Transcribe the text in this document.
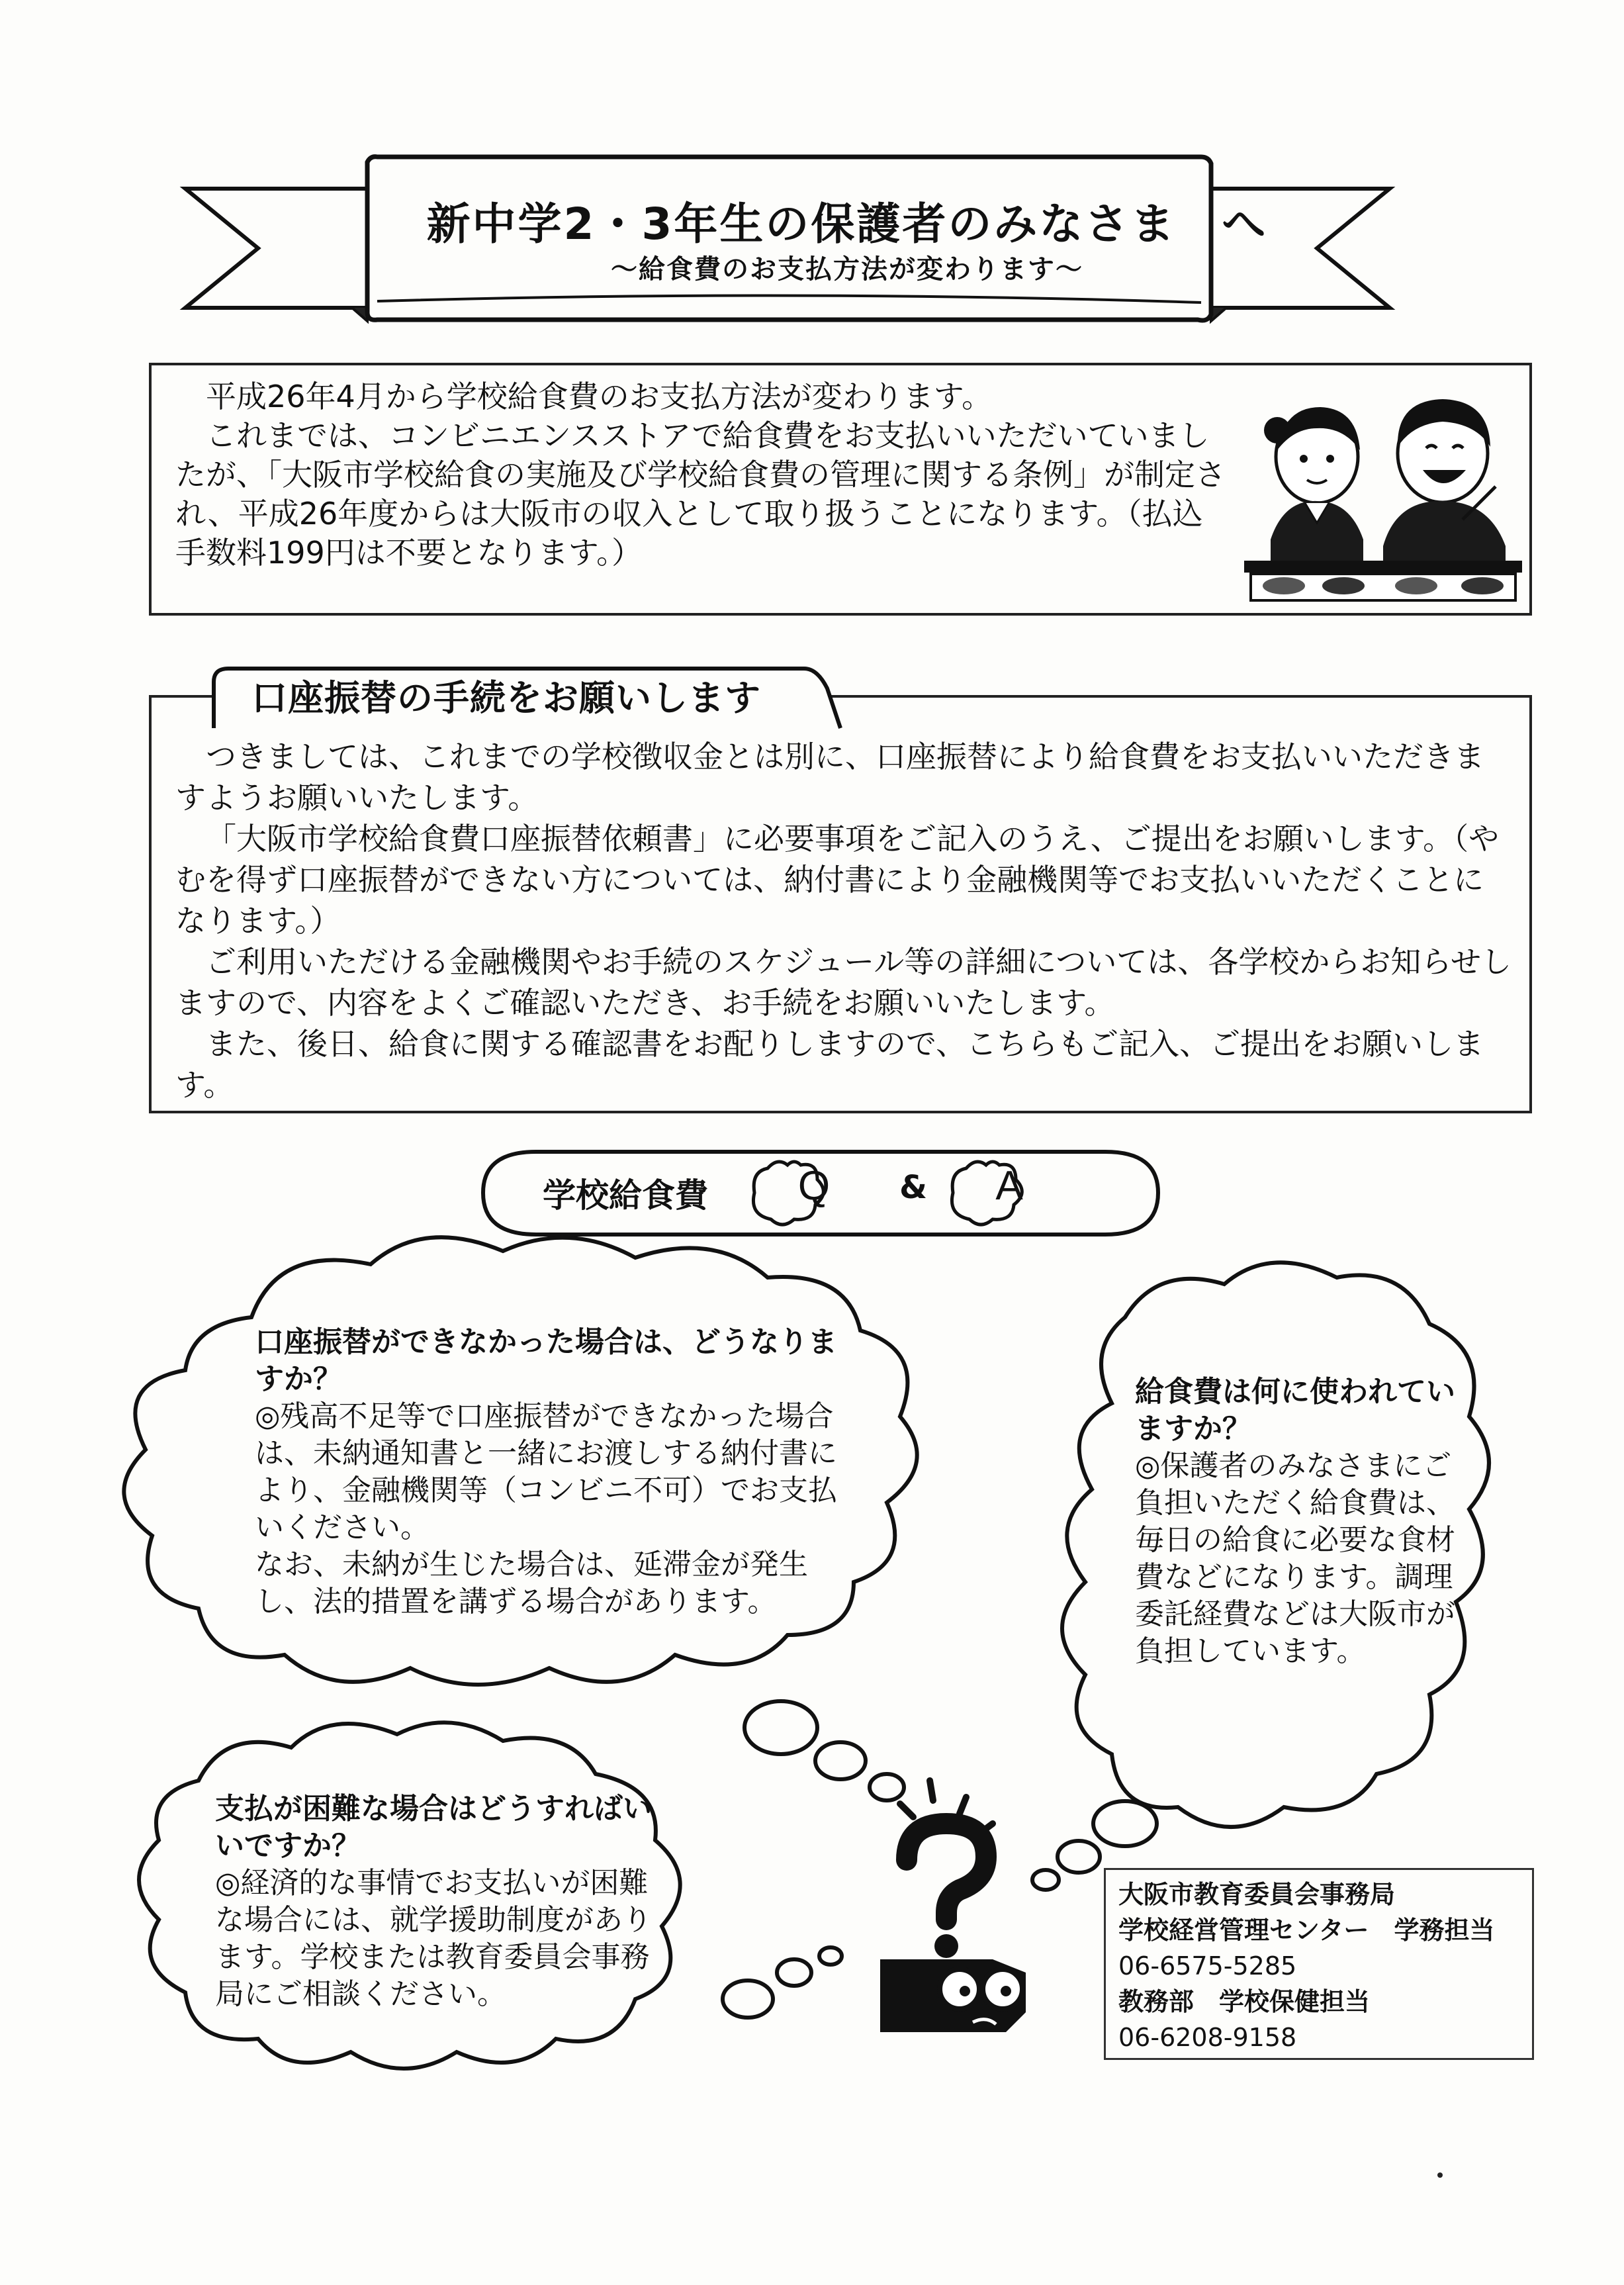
新中学2・3年生の保護者のみなさま　へ
～給食費のお支払方法が変わります～

平成26年4月から学校給食費のお支払方法が変わります。

これまでは、コンビニエンスストアで給食費をお支払いいただいていましたが、「大阪市学校給食の実施及び学校給食費の管理に関する条例」が制定され、平成26年度からは大阪市の収入として取り扱うことになります。（払込手数料199円は不要となります。）

口座振替の手続をお願いします

つきましては、これまでの学校徴収金とは別に、口座振替により給食費をお支払いいただきますようお願いいたします。

「大阪市学校給食費口座振替依頼書」に必要事項をご記入のうえ、ご提出をお願いします。（やむを得ず口座振替ができない方については、納付書により金融機関等でお支払いいただくことになります。）

ご利用いただける金融機関やお手続のスケジュール等の詳細については、各学校からお知らせしますので、内容をよくご確認いただき、お手続をお願いいたします。

また、後日、給食に関する確認書をお配りしますので、こちらもご記入、ご提出をお願いします。

学校給食費	Q	&	A

口座振替ができなかった場合は、どうなりますか？

◎残高不足等で口座振替ができなかった場合は、未納通知書と一緒にお渡しする納付書により、金融機関等（コンビニ不可）でお支払いください。

なお、未納が生じた場合は、延滞金が発生し、法的措置を講ずる場合があります。

給食費は何に使われていますか？

◎保護者のみなさまにご負担いただく給食費は、毎日の給食に必要な食材費などになります。調理委託経費などは大阪市が負担しています。

支払が困難な場合はどうすればいいですか？

◎経済的な事情でお支払いが困難な場合には、就学援助制度があります。学校または教育委員会事務局にご相談ください。

大阪市教育委員会事務局
学校経営管理センター　学務担当
06-6575-5285
教務部　学校保健担当
06-6208-9158
